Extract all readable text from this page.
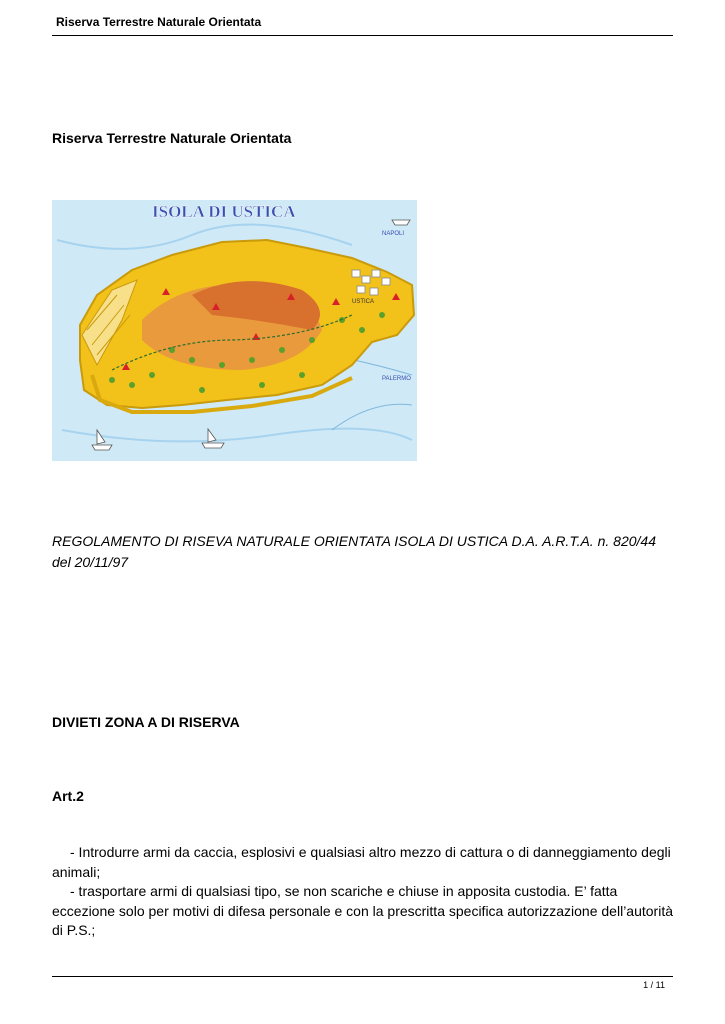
Riserva Terrestre Naturale Orientata
Riserva Terrestre Naturale Orientata
ISOLA DI USTICA
NAPOLI
USTICA
PALERMO
REGOLAMENTO DI RISEVA NATURALE ORIENTATA ISOLA DI USTICA D.A. A.R.T.A. n. 820/44 del 20/11/97
DIVIETI ZONA A DI RISERVA
Art.2

- Introdurre armi da caccia, esplosivi e qualsiasi altro mezzo di cattura o di danneggiamento degli animali;

- trasportare armi di qualsiasi tipo, se non scariche e chiuse in apposita custodia. E’ fatta eccezione solo per motivi di difesa personale e con la prescritta specifica autorizzazione dell’autorità di P.S.;

1 / 11
